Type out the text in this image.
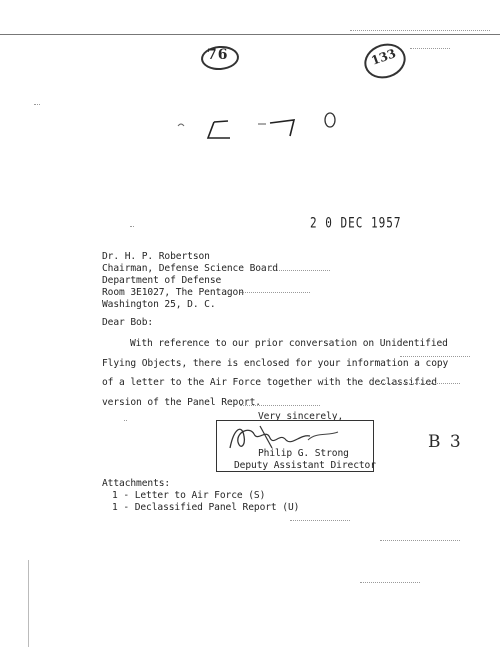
76	133
2 0 DEC 1957
Dr. H. P. Robertson
Chairman, Defense Science Board
Department of Defense
Room 3E1027, The Pentagon
Washington 25, D. C.
Dear Bob:
With reference to our prior conversation on Unidentified
Flying Objects, there is enclosed for your information a copy
of a letter to the Air Force together with the declassified
version of the Panel Report.
Very sincerely,
Philip G. Strong
Deputy Assistant Director
B 3
Attachments:
1 - Letter to Air Force (S)
1 - Declassified Panel Report (U)
